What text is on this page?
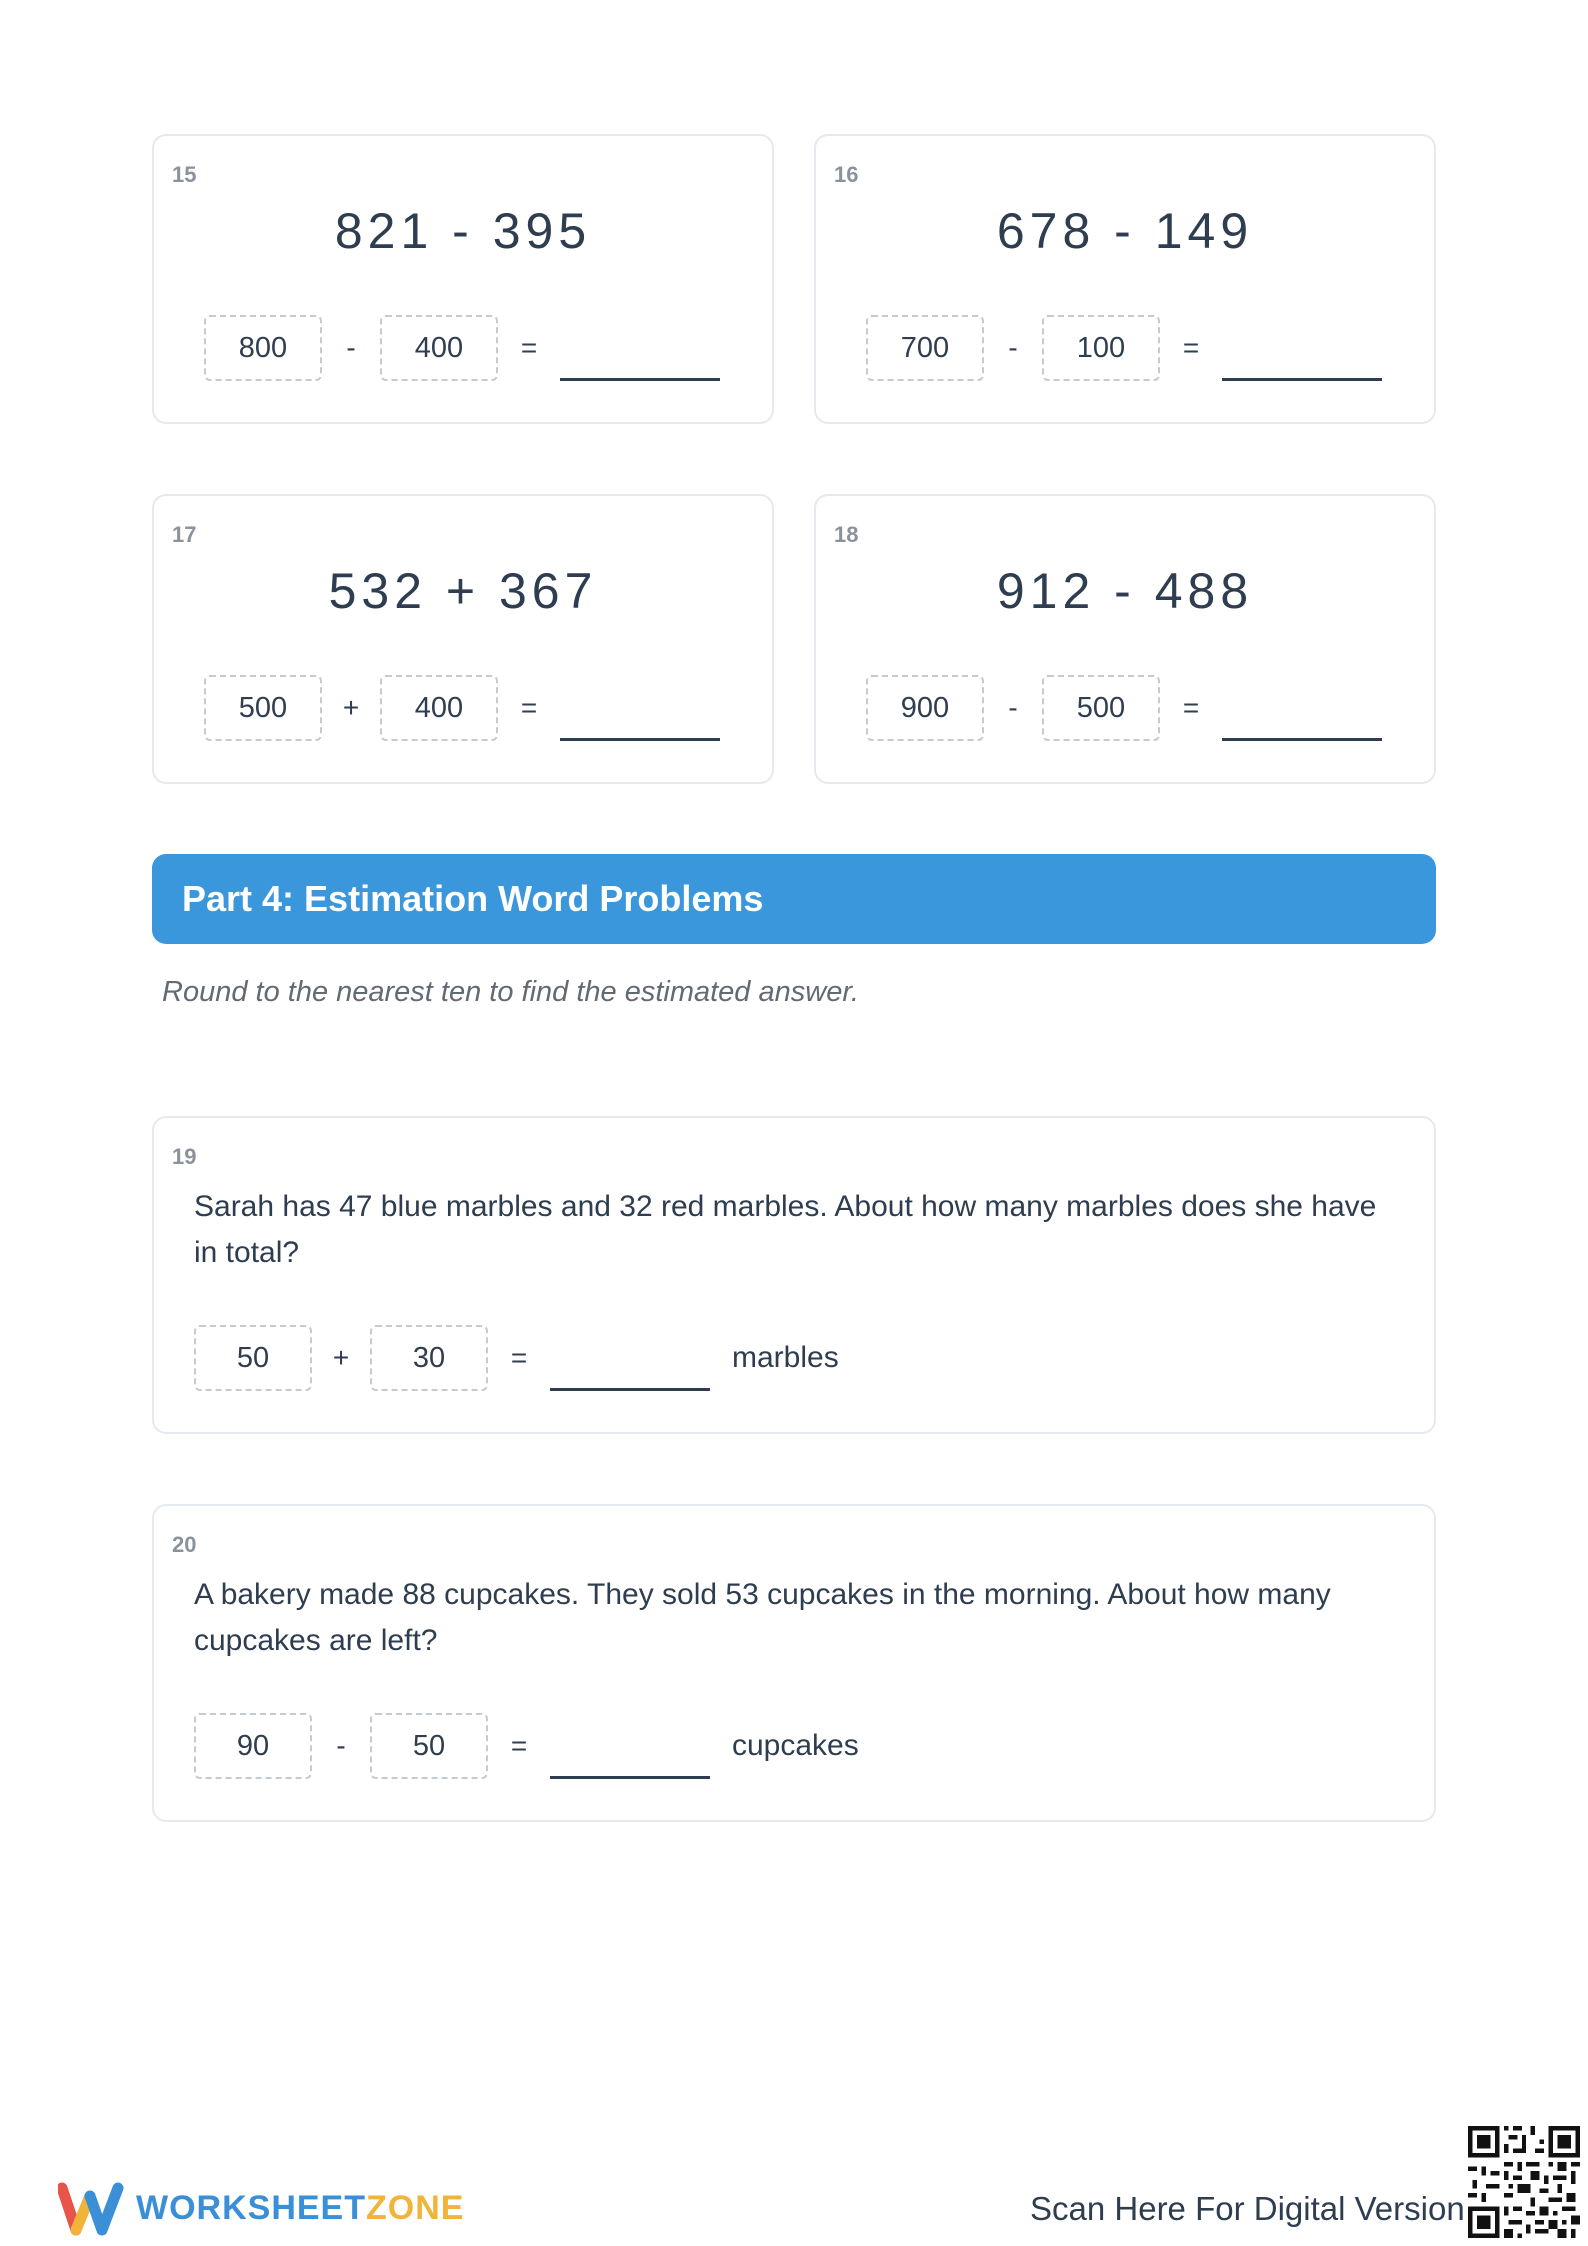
15
821 - 395
800	-	400	=
16
678 - 149
700	-	100	=
17
532 + 367
500	+	400	=
18
912 - 488
900	-	500	=
Part 4: Estimation Word Problems
Round to the nearest ten to find the estimated answer.
19
Sarah has 47 blue marbles and 32 red marbles. About how many marbles does she have in total?
50	+	30	=	marbles
20
A bakery made 88 cupcakes. They sold 53 cupcakes in the morning. About how many cupcakes are left?
90	-	50	=	cupcakes
WORKSHEETZONE	Scan Here For Digital Version
